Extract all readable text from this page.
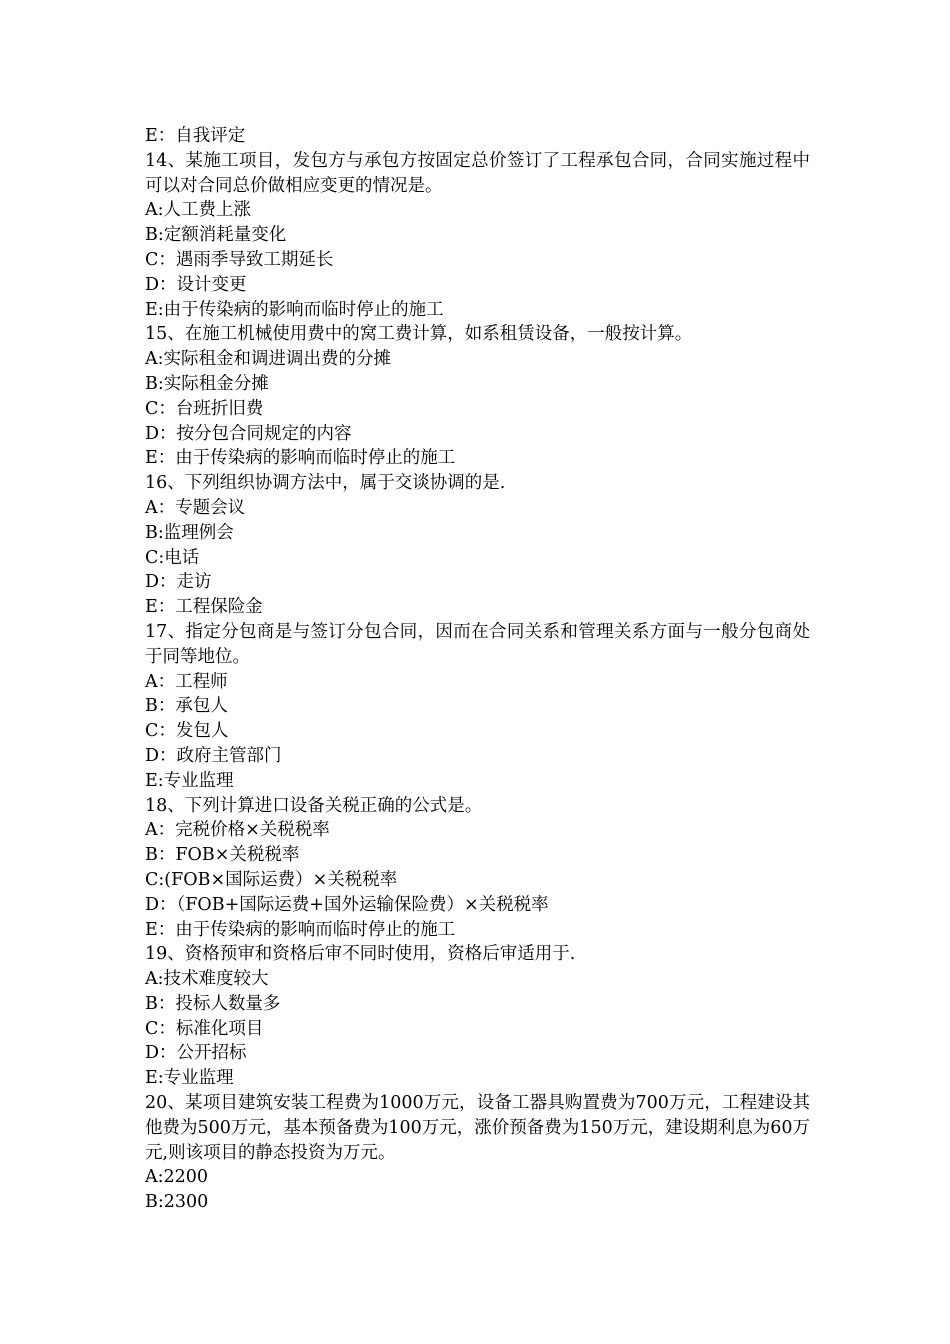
E：自我评定

14、某施工项目，发包方与承包方按固定总价签订了工程承包合同，合同实施过程中可以对合同总价做相应变更的情况是。

A:人工费上涨

B:定额消耗量变化

C：遇雨季导致工期延长

D：设计变更

E:由于传染病的影响而临时停止的施工

15、在施工机械使用费中的窝工费计算，如系租赁设备，一般按计算。

A:实际租金和调进调出费的分摊

B:实际租金分摊

C：台班折旧费

D：按分包合同规定的内容

E：由于传染病的影响而临时停止的施工

16、下列组织协调方法中，属于交谈协调的是.

A：专题会议

B:监理例会

C:电话

D：走访

E：工程保险金

17、指定分包商是与签订分包合同，因而在合同关系和管理关系方面与一般分包商处于同等地位。

A：工程师

B：承包人

C：发包人

D：政府主管部门

E:专业监理

18、下列计算进口设备关税正确的公式是。

A：完税价格×关税税率

B：FOB×关税税率

C:(FOB×国际运费）×关税税率

D：（FOB+国际运费+国外运输保险费）×关税税率

E：由于传染病的影响而临时停止的施工

19、资格预审和资格后审不同时使用，资格后审适用于.

A:技术难度较大

B：投标人数量多

C：标准化项目

D：公开招标

E:专业监理

20、某项目建筑安装工程费为1000万元，设备工器具购置费为700万元，工程建设其他费为500万元，基本预备费为100万元，涨价预备费为150万元，建设期利息为60万元,则该项目的静态投资为万元。

A:2200

B:2300
